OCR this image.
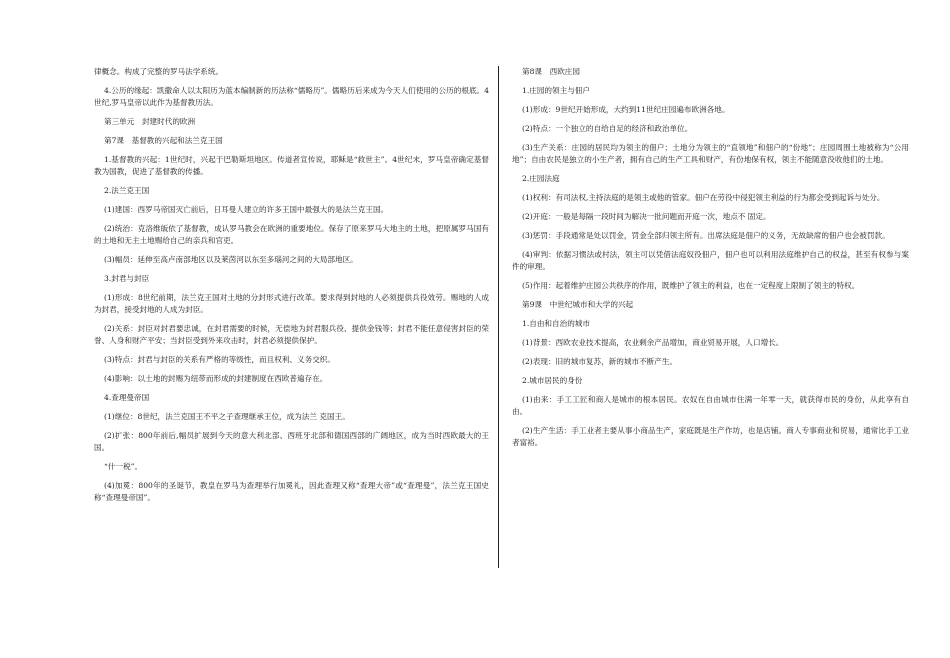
律概念。构成了完整的罗马法学系统。

4.公历的缘起：凯撒命人以太阳历为蓝本编制新的历法称“儒略历”。儒略历后来成为今天人们使用的公历的根底。4世纪,罗马皇帝以此作为基督教历法。

第三单元　封建时代的欧洲

第7课　基督教的兴起和法兰克王国

1.基督教的兴起：1世纪时，兴起于巴勒斯坦地区。传道者宣传说，耶稣是“救世主”。4世纪末，罗马皇帝确定基督教为国教，促进了基督教的传播。

2.法兰克王国

(1)建国：西罗马帝国灭亡前后，日耳曼人建立的许多王国中最强大的是法兰克王国。

(2)统治：克洛维皈依了基督教，成认罗马教会在欧洲的重要地位。保存了原来罗马大地主的土地，把原属罗马国有的土地和无主土地赐给自己的亲兵和官吏。

(3)幅员：延伸至高卢南部地区以及莱茵河以东至多瑙河之间的大局部地区。

3.封君与封臣

(1)形成：8世纪前期，法兰克王国对土地的分封形式进行改革。要求得到封地的人必须提供兵役效劳。赐地的人成为封君，接受封地的人成为封臣。

(2)关系：封臣对封君要忠诚，在封君需要的时候，无偿地为封君服兵役、提供金钱等；封君不能任意侵害封臣的荣誉、人身和财产平安；当封臣受到外来攻击时，封君必须提供保护。

(3)特点：封君与封臣的关系有严格的等级性，而且权利、义务交织。

(4)影响：以土地的封赐为纽带而形成的封建制度在西欧普遍存在。

4.查理曼帝国

(1)继位：8世纪，法兰克国王不平之子查理继承王位，成为法兰 克国王。

(2)扩张：800年前后,幅员扩展到今天的意大利北部、西班牙北部和德国西部的广阔地区，成为当时西欧最大的王国。

“什一税”。

(4)加冕：800年的圣诞节，教皇在罗马为查理举行加冕礼，因此查理又称“查理大帝”或“查理曼”，法兰克王国史称“查理曼帝国”。

第8课　西欧庄园

1.庄园的领主与佃户

(1)形成：9世纪开始形成，大约到11世纪庄园遍布欧洲各地。

(2)特点：一个独立的自给自足的经济和政治单位。

(3)生产关系：庄园的居民均为领主的佃户；土地分为领主的“直领地”和佃户的“份地”；庄园周围土地被称为“公用地”；自由农民是独立的小生产者，拥有自己的生产工具和财产，有份地保有权，领主不能随意没收他们的土地。

2.庄园法庭

(1)权利：有司法权,主持法庭的是领主或他的管家。佃户在劳役中侵犯领主利益的行为都会受到起诉与处分。

(2)开庭：一般是每隔一段时间为解决一批问题而开庭一次，地点不 固定。

(3)惩罚：手段通常是处以罚金，罚金全部归领主所有。出席法庭是佃户的义务，无故缺席的佃户也会被罚款。

(4)审判：依据习惯法或村法，领主可以凭借法庭奴役佃户，佃户也可以利用法庭维护自己的权益，甚至有权参与案件的审理。

(5)作用：起着维护庄园公共秩序的作用，既维护了领主的利益，也在一定程度上限制了领主的特权。

第9课　中世纪城市和大学的兴起

1.自由和自治的城市

(1)背景：西欧农业技术提高，农业剩余产品增加，商业贸易开展，人口增长。

(2)表现：旧的城市复苏，新的城市不断产生。

2.城市居民的身份

(1)由来：手工工匠和商人是城市的根本居民。农奴在自由城市住满一年零一天，就获得市民的身份，从此享有自由。

(2)生产生活：手工业者主要从事小商品生产，家庭既是生产作坊，也是店铺。商人专事商业和贸易，通常比手工业者富裕。
